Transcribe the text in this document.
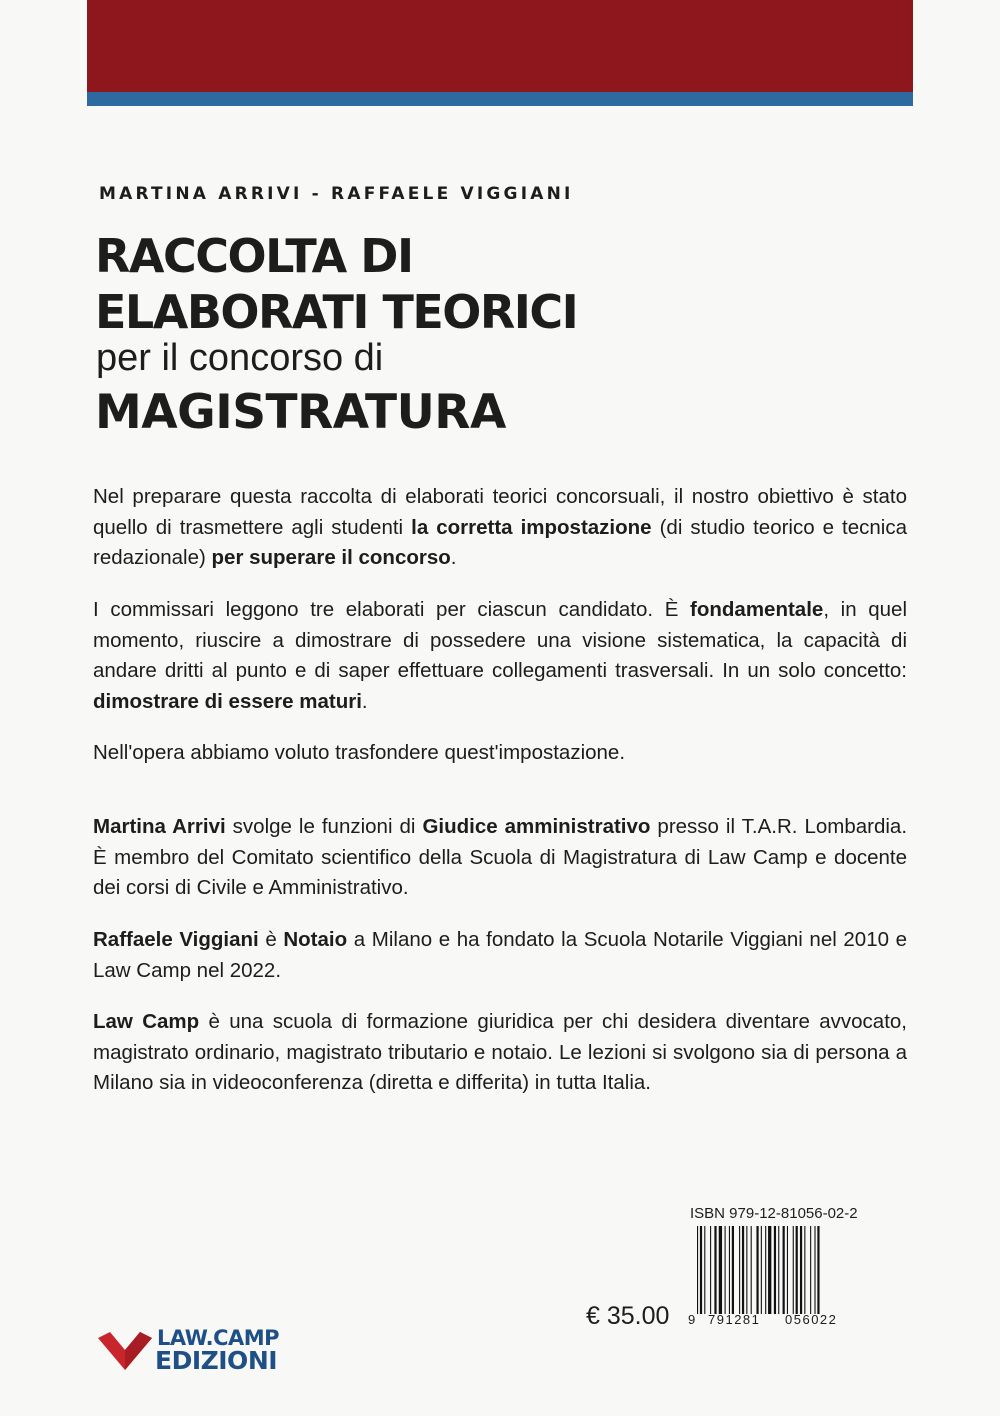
MARTINA ARRIVI - RAFFAELE VIGGIANI
RACCOLTA DI
ELABORATI TEORICI
per il concorso di
MAGISTRATURA
Nel preparare questa raccolta di elaborati teorici concorsuali, il nostro obiettivo è stato quello di trasmettere agli studenti la corretta impostazione (di studio teorico e tecnica redazionale) per superare il concorso.
I commissari leggono tre elaborati per ciascun candidato. È fondamentale, in quel momento, riuscire a dimostrare di possedere una visione sistematica, la capacità di andare dritti al punto e di saper effettuare collegamenti trasversali. In un solo concetto: dimostrare di essere maturi.
Nell'opera abbiamo voluto trasfondere quest'impostazione.
Martina Arrivi svolge le funzioni di Giudice amministrativo presso il T.A.R. Lombardia. È membro del Comitato scientifico della Scuola di Magistratura di Law Camp e docente dei corsi di Civile e Amministrativo.
Raffaele Viggiani è Notaio a Milano e ha fondato la Scuola Notarile Viggiani nel 2010 e Law Camp nel 2022.
Law Camp è una scuola di formazione giuridica per chi desidera diventare avvocato, magistrato ordinario, magistrato tributario e notaio. Le lezioni si svolgono sia di persona a Milano sia in videoconferenza (diretta e differita) in tutta Italia.
ISBN 979-12-81056-02-2
9 791281 056022
€ 35.00
LAW.CAMP
EDIZIONI
